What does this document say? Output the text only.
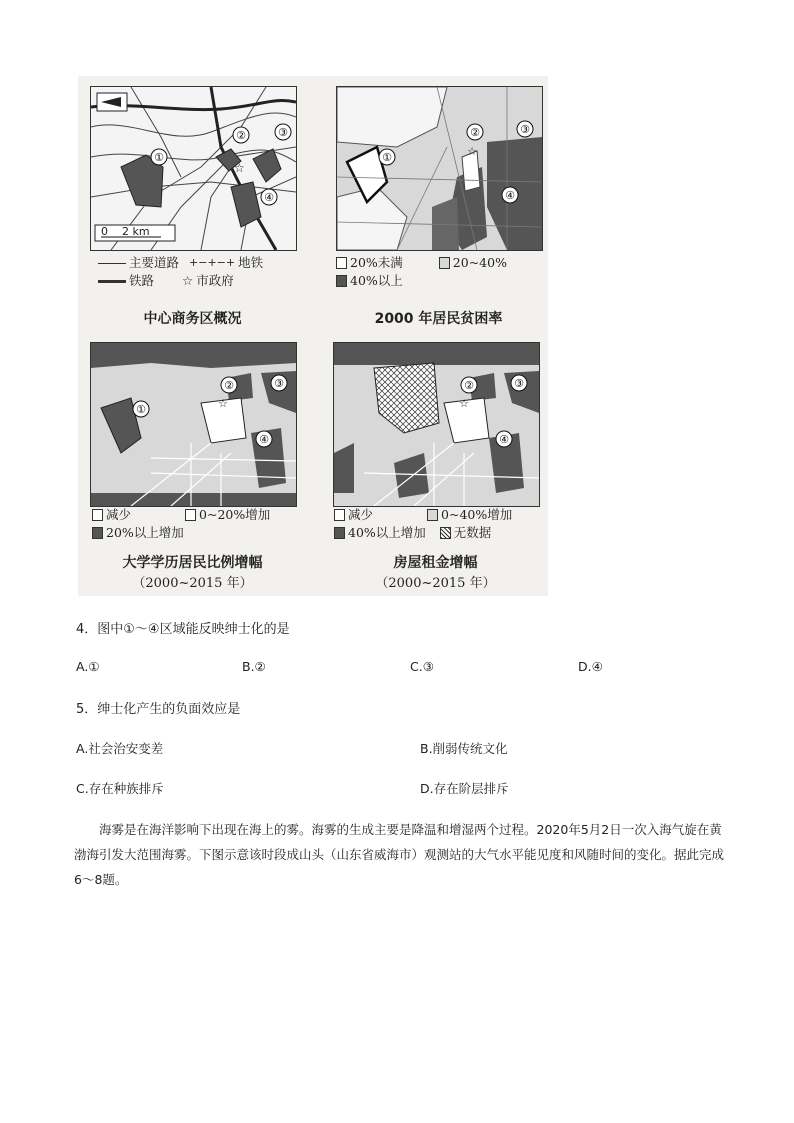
①
②	③
④
☆
0    2 km
主要道路 +−+−+ 地铁
铁路 ☆ 市政府
中心商务区概况
①
②	③
④
☆
20%未满	20~40%
40%以上
2000 年居民贫困率
①
②	③
④
☆
减少	0~20%增加
20%以上增加
大学学历居民比例增幅
（2000~2015 年）
②	③
④
☆
减少	0~40%增加
40%以上增加 无数据
房屋租金增幅
（2000~2015 年）
4．图中①～④区域能反映绅士化的是
A.①	B.②	C.③	D.④
5．绅士化产生的负面效应是
A.社会治安变差	B.削弱传统文化
C.存在种族排斥	D.存在阶层排斥
海雾是在海洋影响下出现在海上的雾。海雾的生成主要是降温和增湿两个过程。2020年5月2日一次入海气旋在黄渤海引发大范围海雾。下图示意该时段成山头（山东省威海市）观测站的大气水平能见度和风随时间的变化。据此完成6～8题。
